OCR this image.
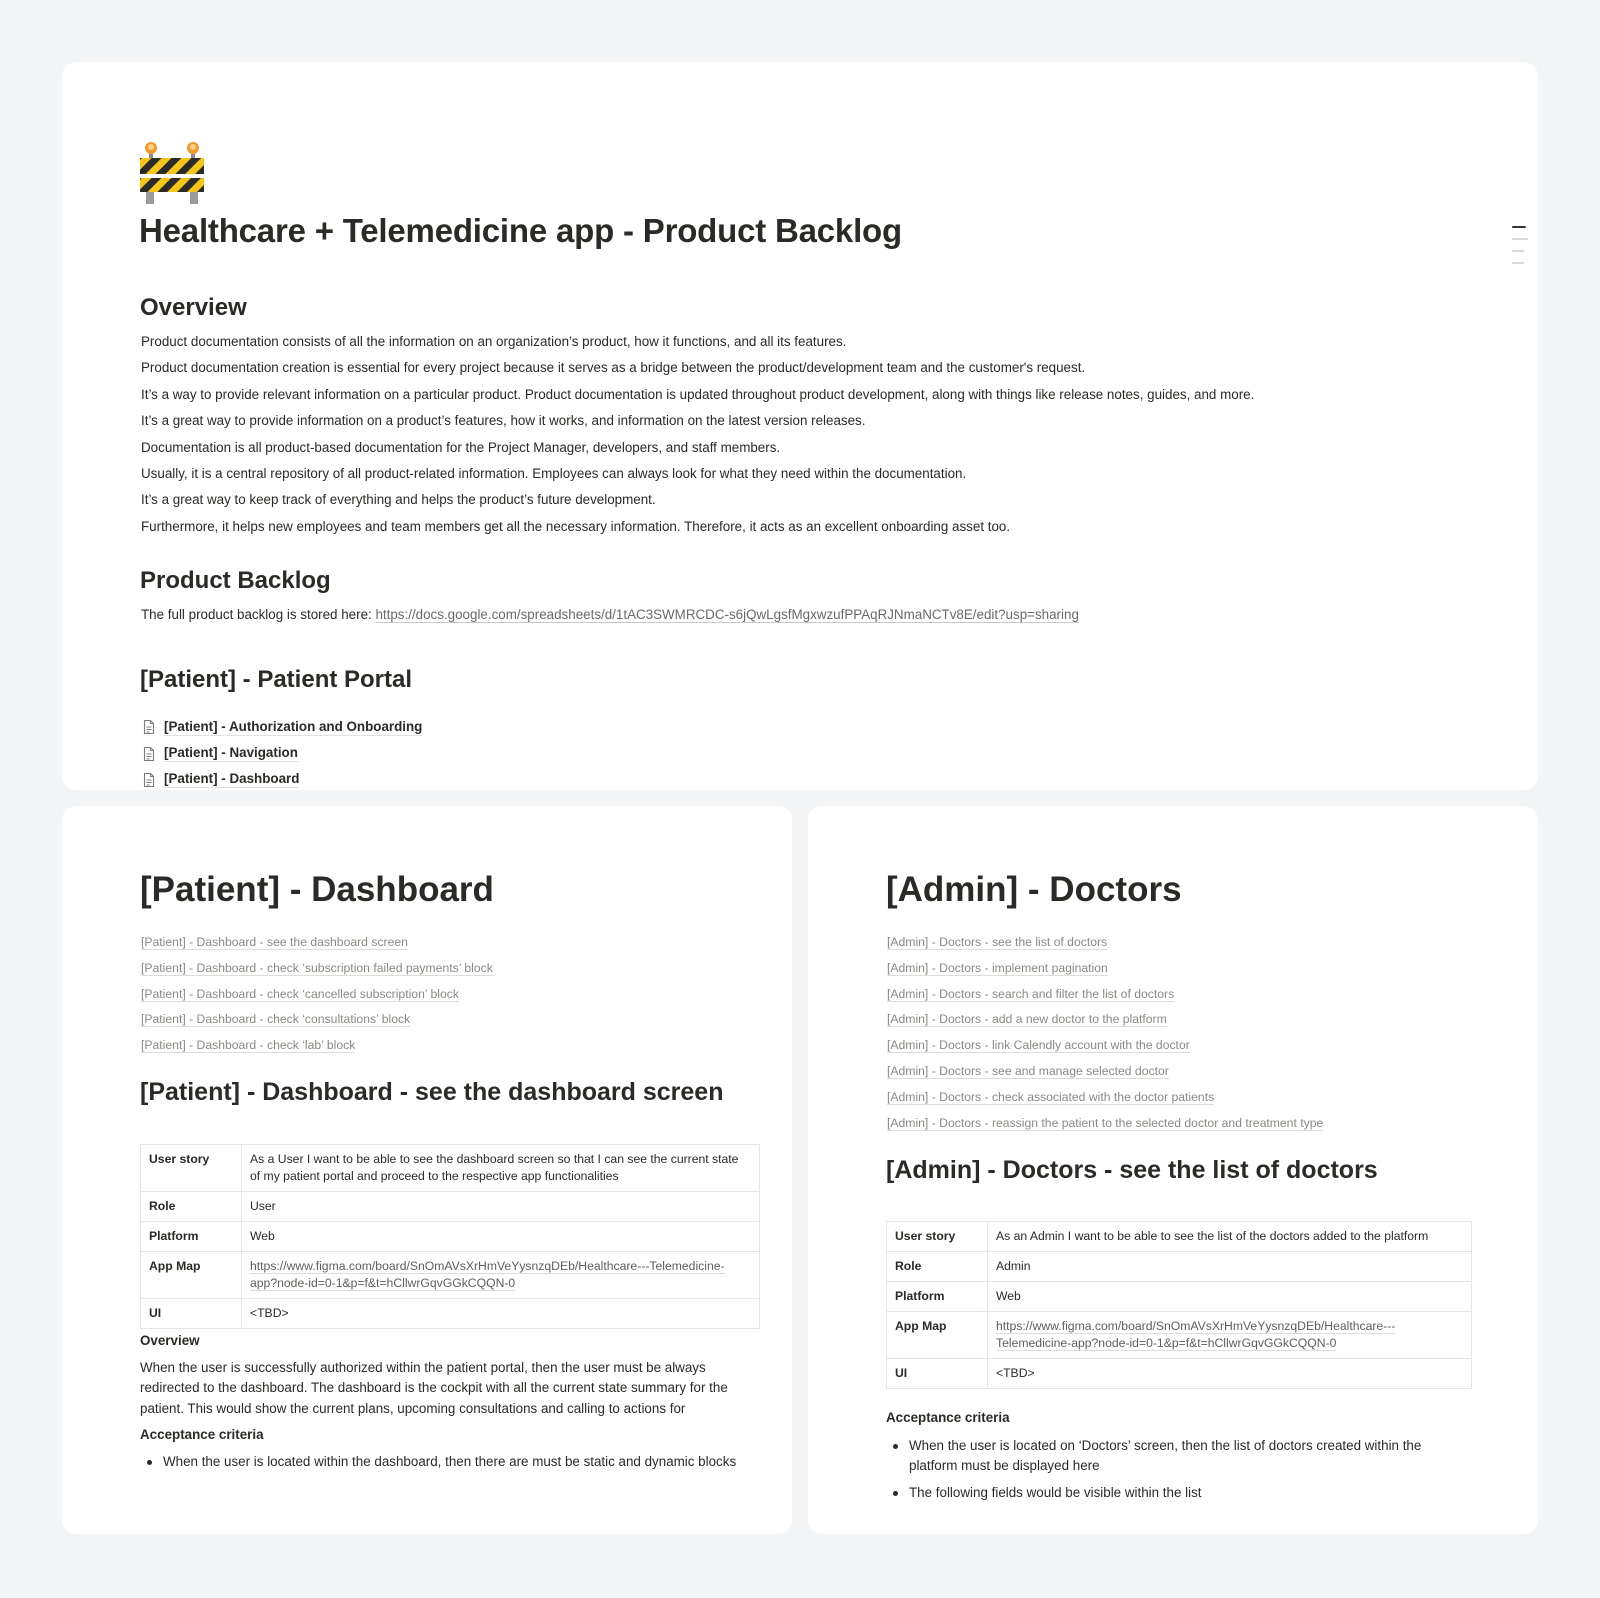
Healthcare + Telemedicine app - Product Backlog
Overview

Product documentation consists of all the information on an organization’s product, how it functions, and all its features.

Product documentation creation is essential for every project because it serves as a bridge between the product/development team and the customer's request.

It’s a way to provide relevant information on a particular product. Product documentation is updated throughout product development, along with things like release notes, guides, and more.

It’s a great way to provide information on a product’s features, how it works, and information on the latest version releases.

Documentation is all product-based documentation for the Project Manager, developers, and staff members.

Usually, it is a central repository of all product-related information. Employees can always look for what they need within the documentation.

It’s a great way to keep track of everything and helps the product’s future development.

Furthermore, it helps new employees and team members get all the necessary information. Therefore, it acts as an excellent onboarding asset too.

Product Backlog

The full product backlog is stored here: https://docs.google.com/spreadsheets/d/1tAC3SWMRCDC-s6jQwLgsfMgxwzufPPAqRJNmaNCTv8E/edit?usp=sharing

[Patient] - Patient Portal
[Patient] - Authorization and Onboarding
[Patient] - Navigation
[Patient] - Dashboard
[Patient] - Dashboard
[Patient] - Dashboard - see the dashboard screen
[Patient] - Dashboard - check ‘subscription failed payments’ block
[Patient] - Dashboard - check ‘cancelled subscription’ block
[Patient] - Dashboard - check ‘consultations’ block
[Patient] - Dashboard - check ‘lab’ block
[Patient] - Dashboard - see the dashboard screen
User story	As a User I want to be able to see the dashboard screen so that I can see the current state of my patient portal and proceed to the respective app functionalities
Role	User
Platform	Web
App Map	https://www.figma.com/board/SnOmAVsXrHmVeYysnzqDEb/Healthcare---Telemedicine-app?node-id=0-1&p=f&t=hCllwrGqvGGkCQQN-0
UI	<TBD>
Overview
When the user is successfully authorized within the patient portal, then the user must be always redirected to the dashboard. The dashboard is the cockpit with all the current state summary for the patient. This would show the current plans, upcoming consultations and calling to actions for
Acceptance criteria
When the user is located within the dashboard, then there are must be static and dynamic blocks
[Admin] - Doctors
[Admin] - Doctors - see the list of doctors
[Admin] - Doctors - implement pagination
[Admin] - Doctors - search and filter the list of doctors
[Admin] - Doctors - add a new doctor to the platform
[Admin] - Doctors - link Calendly account with the doctor
[Admin] - Doctors - see and manage selected doctor
[Admin] - Doctors - check associated with the doctor patients
[Admin] - Doctors - reassign the patient to the selected doctor and treatment type
[Admin] - Doctors - see the list of doctors
User story	As an Admin I want to be able to see the list of the doctors added to the platform
Role	Admin
Platform	Web
App Map	https://www.figma.com/board/SnOmAVsXrHmVeYysnzqDEb/Healthcare---Telemedicine-app?node-id=0-1&p=f&t=hCllwrGqvGGkCQQN-0
UI	<TBD>
Acceptance criteria
When the user is located on ‘Doctors’ screen, then the list of doctors created within the platform must be displayed here
The following fields would be visible within the list
